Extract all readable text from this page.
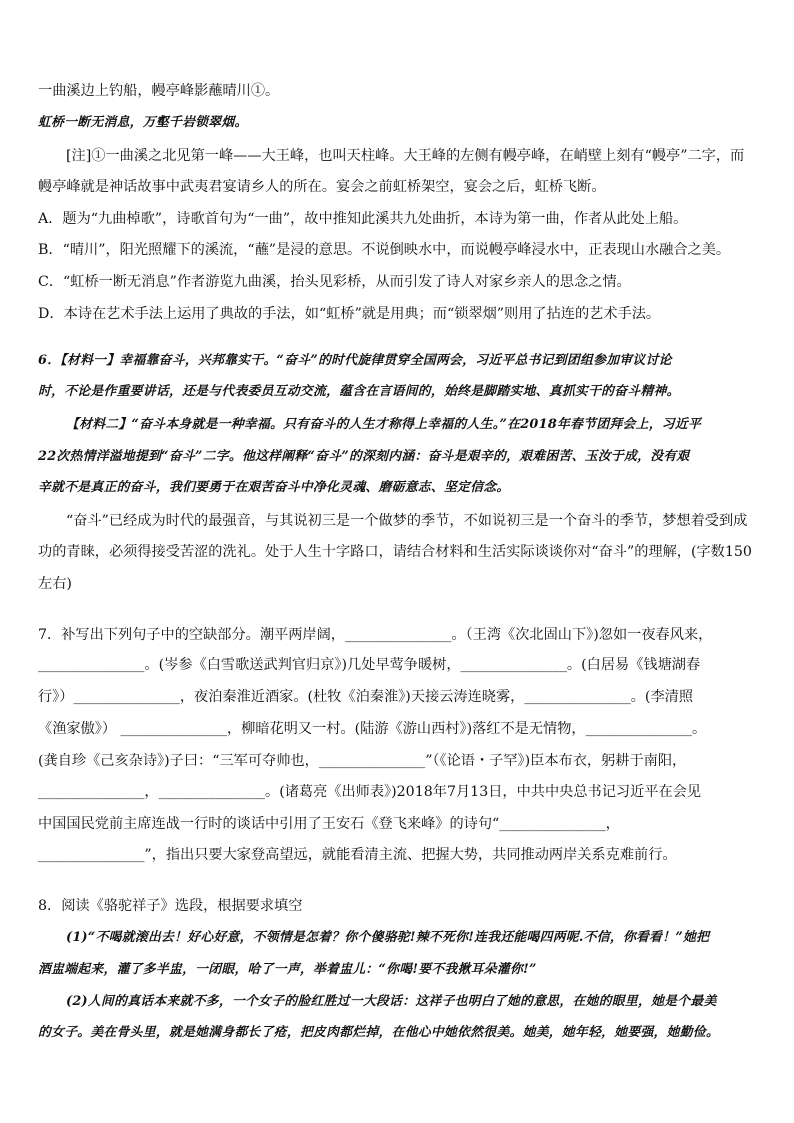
一曲溪边上钓船，幔亭峰影蘸晴川①。
虹桥一断无消息，万壑千岩锁翠烟。
[注]①一曲溪之北见第一峰——大王峰，也叫天柱峰。大王峰的左侧有幔亭峰，在峭壁上刻有“幔亭”二字，而
幔亭峰就是神话故事中武夷君宴请乡人的所在。宴会之前虹桥架空，宴会之后，虹桥飞断。
A．题为“九曲棹歌”，诗歌首句为“一曲”，故中推知此溪共九处曲折，本诗为第一曲，作者从此处上船。
B．“晴川”，阳光照耀下的溪流，“蘸”是浸的意思。不说倒映水中，而说幔亭峰浸水中，正表现山水融合之美。
C．“虹桥一断无消息”作者游览九曲溪，抬头见彩桥，从而引发了诗人对家乡亲人的思念之情。
D．本诗在艺术手法上运用了典故的手法，如“虹桥”就是用典；而“锁翠烟”则用了拈连的艺术手法。
6．【材料一】幸福靠奋斗，兴邦靠实干。“奋斗”的时代旋律贯穿全国两会，习近平总书记到团组参加审议讨论
时，不论是作重要讲话，还是与代表委员互动交流，蕴含在言语间的，始终是脚踏实地、真抓实干的奋斗精神。
【材料二】“奋斗本身就是一种幸福。只有奋斗的人生才称得上幸福的人生。”在2018年春节团拜会上，习近平
22次热情洋溢地提到“奋斗”二字。他这样阐释“奋斗”的深刻内涵：奋斗是艰辛的，艰难困苦、玉汝于成，没有艰
辛就不是真正的奋斗，我们要勇于在艰苦奋斗中净化灵魂、磨砺意志、坚定信念。
“奋斗”已经成为时代的最强音，与其说初三是一个做梦的季节，不如说初三是一个奋斗的季节，梦想着受到成
功的青睐，必须得接受苦涩的洗礼。处于人生十字路口，请结合材料和生活实际谈谈你对“奋斗”的理解，(字数150
左右)
7．补写出下列句子中的空缺部分。潮平两岸阔，_______________。（王湾《次北固山下》)忽如一夜春风来，
_______________。(岑参《白雪歌送武判官归京》)几处早莺争暖树，_______________。(白居易《钱塘湖春
行》）_______________，夜泊秦淮近酒家。(杜牧《泊秦淮》)天接云涛连晓雾，_______________。(李清照
《渔家傲》） _______________，柳暗花明又一村。(陆游《游山西村》)落红不是无情物，_______________。
(龚自珍《己亥杂诗》)子曰：“三军可夺帅也，_______________”（《论语・子罕》)臣本布衣，躬耕于南阳，
_______________，_______________。(诸葛亮《出师表》)2018年7月13日，中共中央总书记习近平在会见
中国国民党前主席连战一行时的谈话中引用了王安石《登飞来峰》的诗句“_______________，
_______________”，指出只要大家登高望远，就能看清主流、把握大势，共同推动两岸关系克难前行。
8．阅读《骆驼祥子》选段，根据要求填空
(1)“不喝就滚出去！好心好意，不领情是怎着？你个傻骆驼!辣不死你!连我还能喝四两呢.不信，你看看！”她把
酒盅端起来，灌了多半盅，一闭眼，哈了一声，举着盅儿：“你喝!要不我揪耳朵灌你!”
(2)人间的真话本来就不多，一个女子的脸红胜过一大段话：这祥子也明白了她的意思，在她的眼里，她是个最美
的女子。美在骨头里，就是她满身都长了疮，把皮肉都烂掉，在他心中她依然很美。她美，她年轻，她要强，她勤俭。
